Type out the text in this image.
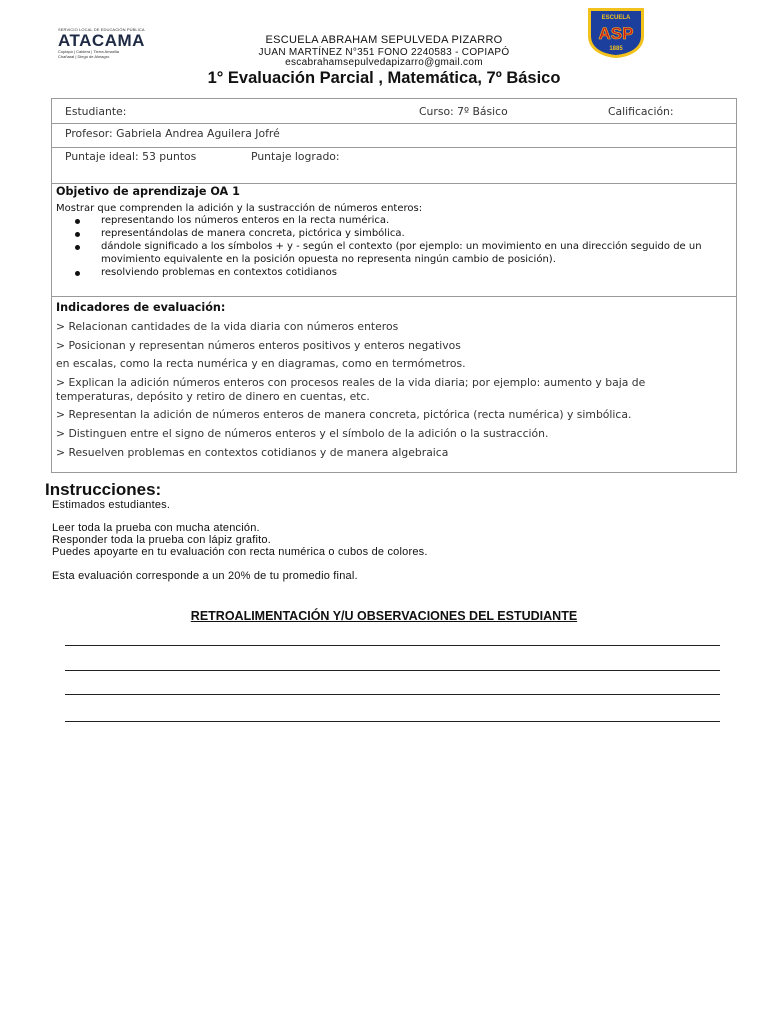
SERVICIO LOCAL DE EDUCACIÓN PÚBLICA
ATACAMA
Copiapó | Caldera | Tierra Amarilla
Chañaral | Diego de Almagro
ESCUELA ABRAHAM SEPULVEDA PIZARRO
JUAN MARTÍNEZ N°351 FONO 2240583 - COPIAPÓ
escabrahamsepulvedapizarro@gmail.com
ESCUELA
ASP
1885
1° Evaluación Parcial , Matemática, 7º Básico
Estudiante:	Curso: 7º Básico	Calificación:
Profesor: Gabriela Andrea Aguilera Jofré
Puntaje ideal: 53 puntos	Puntaje logrado:
Objetivo de aprendizaje OA 1
Mostrar que comprenden la adición y la sustracción de números enteros:
representando los números enteros en la recta numérica.
representándolas de manera concreta, pictórica y simbólica.
dándole significado a los símbolos + y - según el contexto (por ejemplo: un movimiento en una dirección seguido de un movimiento equivalente en la posición opuesta no representa ningún cambio de posición).
resolviendo problemas en contextos cotidianos
Indicadores de evaluación:
> Relacionan cantidades de la vida diaria con números enteros
> Posicionan y representan números enteros positivos y enteros negativos
en escalas, como la recta numérica y en diagramas, como en termómetros.
> Explican la adición números enteros con procesos reales de la vida diaria; por ejemplo: aumento y baja de
temperaturas, depósito y retiro de dinero en cuentas, etc.
> Representan la adición de números enteros de manera concreta, pictórica (recta numérica) y simbólica.
> Distinguen entre el signo de números enteros y el símbolo de la adición o la sustracción.
> Resuelven problemas en contextos cotidianos y de manera algebraica
Instrucciones:
Estimados estudiantes.
Leer toda la prueba con mucha atención.
Responder toda la prueba con lápiz grafito.
Puedes apoyarte en tu evaluación con recta numérica o cubos de colores.
Esta evaluación corresponde a un 20% de tu promedio final.
RETROALIMENTACIÓN Y/U OBSERVACIONES DEL ESTUDIANTE
